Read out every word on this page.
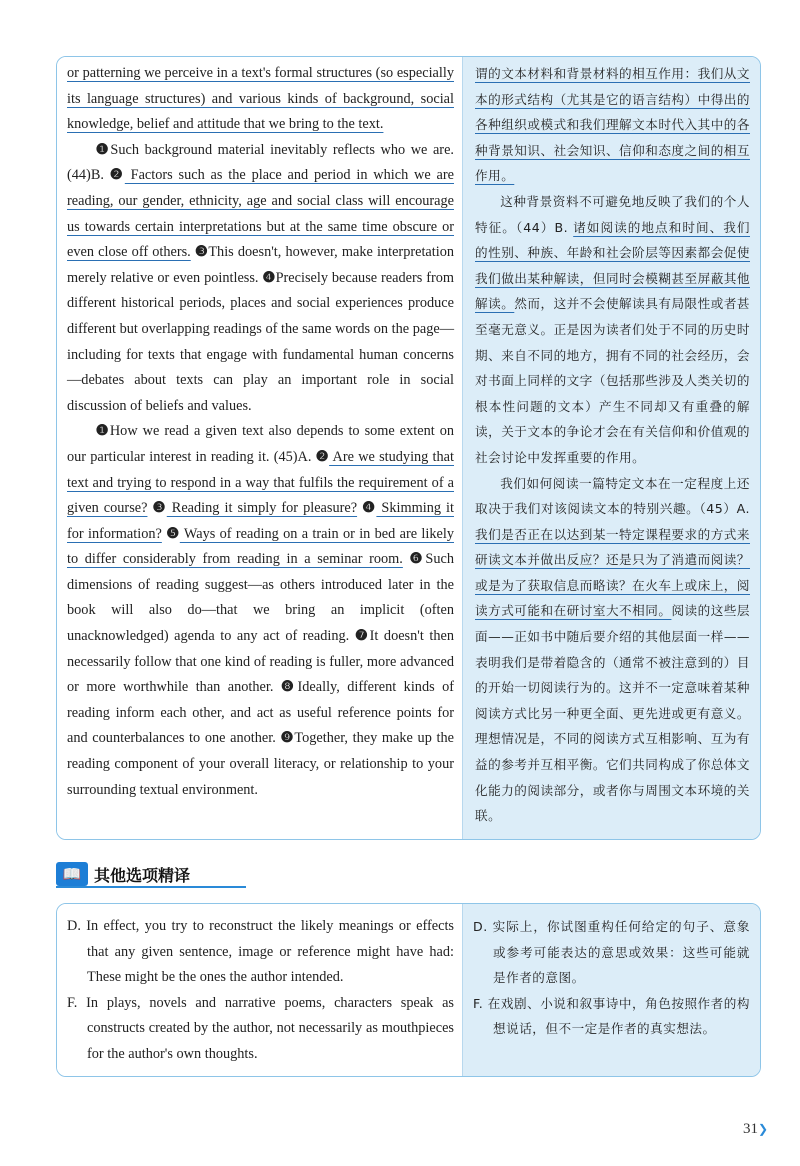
or patterning we perceive in a text's formal structures (so especially its language structures) and various kinds of background, social knowledge, belief and attitude that we bring to the text.

❶Such background material inevitably reflects who we are. (44)B. ❷ Factors such as the place and period in which we are reading, our gender, ethnicity, age and social class will encourage us towards certain interpretations but at the same time obscure or even close off others. ❸This doesn't, however, make interpretation merely relative or even pointless. ❹Precisely because readers from different historical periods, places and social experiences produce different but overlapping readings of the same words on the page—including for texts that engage with fundamental human concerns—debates about texts can play an important role in social discussion of beliefs and values.

❶How we read a given text also depends to some extent on our particular interest in reading it. (45)A. ❷ Are we studying that text and trying to respond in a way that fulfils the requirement of a given course? ❸ Reading it simply for pleasure? ❹ Skimming it for information? ❺ Ways of reading on a train or in bed are likely to differ considerably from reading in a seminar room. ❻Such dimensions of reading suggest—as others introduced later in the book will also do—that we bring an implicit (often unacknowledged) agenda to any act of reading. ❼It doesn't then necessarily follow that one kind of reading is fuller, more advanced or more worthwhile than another. ❽Ideally, different kinds of reading inform each other, and act as useful reference points for and counterbalances to one another. ❾Together, they make up the reading component of your overall literacy, or relationship to your surrounding textual environment.

谓的文本材料和背景材料的相互作用：我们从文本的形式结构（尤其是它的语言结构）中得出的各种组织或模式和我们理解文本时代入其中的各种背景知识、社会知识、信仰和态度之间的相互作用。

这种背景资料不可避免地反映了我们的个人特征。（44）B. 诸如阅读的地点和时间、我们的性别、种族、年龄和社会阶层等因素都会促使我们做出某种解读，但同时会模糊甚至屏蔽其他解读。然而，这并不会使解读具有局限性或者甚至毫无意义。正是因为读者们处于不同的历史时期、来自不同的地方，拥有不同的社会经历，会对书面上同样的文字（包括那些涉及人类关切的根本性问题的文本）产生不同却又有重叠的解读，关于文本的争论才会在有关信仰和价值观的社会讨论中发挥重要的作用。

我们如何阅读一篇特定文本在一定程度上还取决于我们对该阅读文本的特别兴趣。（45）A. 我们是否正在以达到某一特定课程要求的方式来研读文本并做出反应？还是只为了消遣而阅读？或是为了获取信息而略读？在火车上或床上，阅读方式可能和在研讨室大不相同。阅读的这些层面——正如书中随后要介绍的其他层面一样——表明我们是带着隐含的（通常不被注意到的）目的开始一切阅读行为的。这并不一定意味着某种阅读方式比另一种更全面、更先进或更有意义。理想情况是，不同的阅读方式互相影响、互为有益的参考并互相平衡。它们共同构成了你总体文化能力的阅读部分，或者你与周围文本环境的关联。

📖 其他选项精译

D. In effect, you try to reconstruct the likely meanings or effects that any given sentence, image or reference might have had: These might be the ones the author intended.

F. In plays, novels and narrative poems, characters speak as constructs created by the author, not necessarily as mouthpieces for the author's own thoughts.

D. 实际上，你试图重构任何给定的句子、意象或参考可能表达的意思或效果：这些可能就是作者的意图。

F. 在戏剧、小说和叙事诗中，角色按照作者的构想说话，但不一定是作者的真实想法。

31❯
